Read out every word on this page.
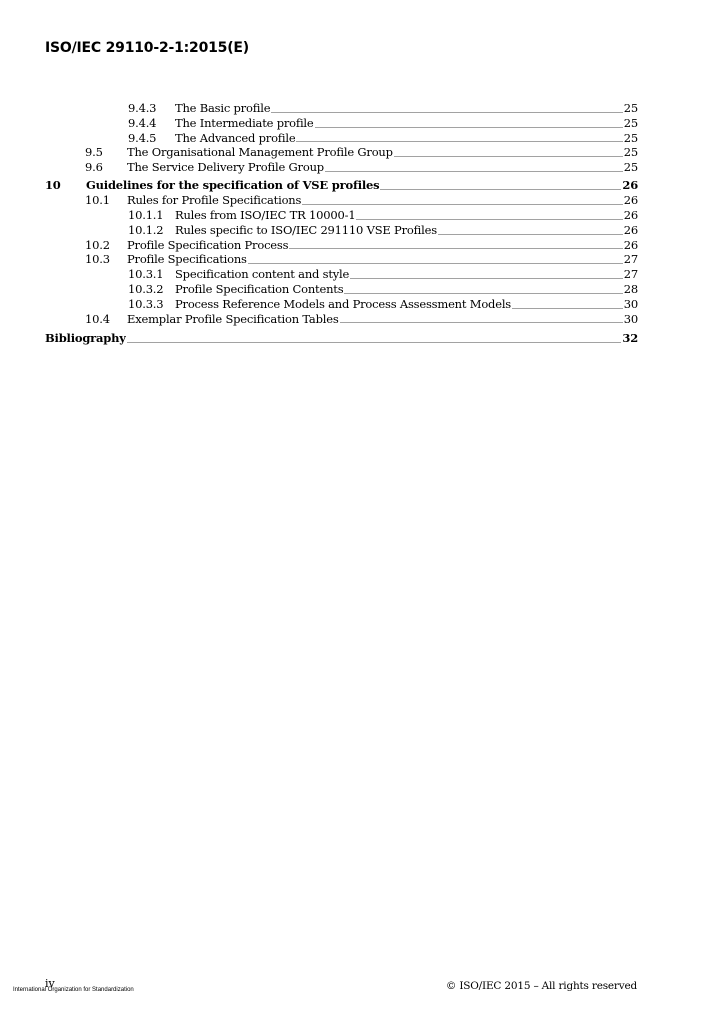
ISO/IEC 29110-2-1:2015(E)
9.4.3	The Basic profile	25
9.4.4	The Intermediate profile	25
9.4.5	The Advanced profile	25
9.5	The Organisational Management Profile Group	25
9.6	The Service Delivery Profile Group	25
10	Guidelines for the specification of VSE profiles	26
10.1	Rules for Profile Specifications	26
10.1.1	Rules from ISO/IEC TR 10000-1	26
10.1.2	Rules specific to ISO/IEC 291110 VSE Profiles	26
10.2	Profile Specification Process	26
10.3	Profile Specifications	27
10.3.1	Specification content and style	27
10.3.2	Profile Specification Contents	28
10.3.3	Process Reference Models and Process Assessment Models	30
10.4	Exemplar Profile Specification Tables	30
Bibliography	32
iv
International Organization for Standardization	© ISO/IEC 2015 – All rights reserved
